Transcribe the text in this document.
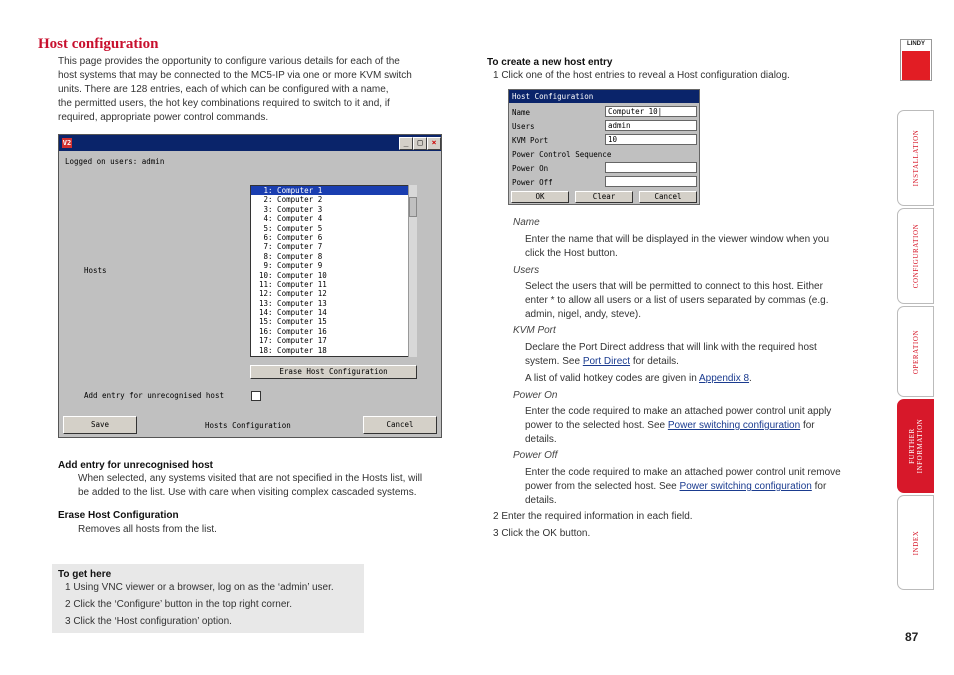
Host configuration
This page provides the opportunity to configure various details for each of the
host systems that may be connected to the MC5-IP via one or more KVM switch
units. There are 128 entries, each of which can be configured with a name,
the permitted users, the hot key combinations required to switch to it and, if
required, appropriate power control commands.
V2	_	□	×
Logged on users: admin
Hosts
1: Computer 1
2: Computer 2
3: Computer 3
4: Computer 4
5: Computer 5
6: Computer 6
7: Computer 7
8: Computer 8
9: Computer 9
10: Computer 10
11: Computer 11
12: Computer 12
13: Computer 13
14: Computer 14
15: Computer 15
16: Computer 16
17: Computer 17
18: Computer 18
Erase Host Configuration
Add entry for unrecognised host
Save	Hosts Configuration	Cancel
Add entry for unrecognised host
When selected, any systems visited that are not specified in the Hosts list, will
be added to the list. Use with care when visiting complex cascaded systems.
Erase Host Configuration
Removes all hosts from the list.
To get here
1 Using VNC viewer or a browser, log on as the ‘admin’ user.
2 Click the ‘Configure’ button in the top right corner.
3 Click the ‘Host configuration’ option.
To create a new host entry
1 Click one of the host entries to reveal a Host configuration dialog.
Host Configuration
Name	Computer 10|
Users	admin
KVM Port	10
Power Control Sequence
Power On
Power Off
OK	Clear	Cancel
Name
Enter the name that will be displayed in the viewer window when you
click the Host button.
Users
Select the users that will be permitted to connect to this host. Either
enter * to allow all users or a list of users separated by commas (e.g.
admin, nigel, andy, steve).
KVM Port
Declare the Port Direct address that will link with the required host
system. See Port Direct for details.
A list of valid hotkey codes are given in Appendix 8.
Power On
Enter the code required to make an attached power control unit apply
power to the selected host. See Power switching configuration for
details.
Power Off
Enter the code required to make an attached power control unit remove
power from the selected host. See Power switching configuration for
details.
2 Enter the required information in each field.
3 Click the OK button.
LINDY
INSTALLATION
CONFIGURATION
OPERATION
FURTHER INFORMATION
INDEX
87
